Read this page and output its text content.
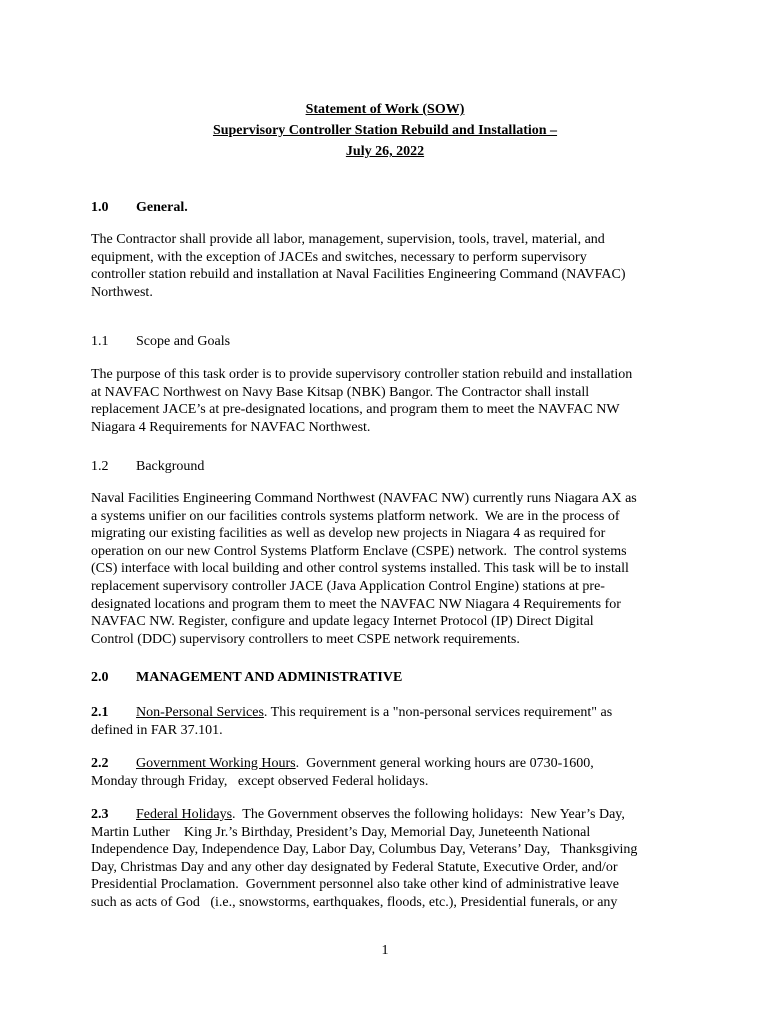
Statement of Work (SOW)
Supervisory Controller Station Rebuild and Installation –
July 26, 2022
1.0 General.
The Contractor shall provide all labor, management, supervision, tools, travel, material, and
equipment, with the exception of JACEs and switches, necessary to perform supervisory
controller station rebuild and installation at Naval Facilities Engineering Command (NAVFAC)
Northwest.
1.1 Scope and Goals
The purpose of this task order is to provide supervisory controller station rebuild and installation
at NAVFAC Northwest on Navy Base Kitsap (NBK) Bangor. The Contractor shall install
replacement JACE’s at pre-designated locations, and program them to meet the NAVFAC NW
Niagara 4 Requirements for NAVFAC Northwest.
1.2 Background
Naval Facilities Engineering Command Northwest (NAVFAC NW) currently runs Niagara AX as
a systems unifier on our facilities controls systems platform network.  We are in the process of
migrating our existing facilities as well as develop new projects in Niagara 4 as required for
operation on our new Control Systems Platform Enclave (CSPE) network.  The control systems
(CS) interface with local building and other control systems installed. This task will be to install
replacement supervisory controller JACE (Java Application Control Engine) stations at pre-
designated locations and program them to meet the NAVFAC NW Niagara 4 Requirements for
NAVFAC NW. Register, configure and update legacy Internet Protocol (IP) Direct Digital
Control (DDC) supervisory controllers to meet CSPE network requirements.
2.0 MANAGEMENT AND ADMINISTRATIVE
2.1 Non-Personal Services. This requirement is a "non-personal services requirement" as
defined in FAR 37.101.
2.2 Government Working Hours.  Government general working hours are 0730-1600,
Monday through Friday,   except observed Federal holidays.
2.3 Federal Holidays.  The Government observes the following holidays:  New Year’s Day,
Martin Luther    King Jr.’s Birthday, President’s Day, Memorial Day, Juneteenth National
Independence Day, Independence Day, Labor Day, Columbus Day, Veterans’ Day,   Thanksgiving
Day, Christmas Day and any other day designated by Federal Statute, Executive Order, and/or
Presidential Proclamation.  Government personnel also take other kind of administrative leave
such as acts of God   (i.e., snowstorms, earthquakes, floods, etc.), Presidential funerals, or any
1
